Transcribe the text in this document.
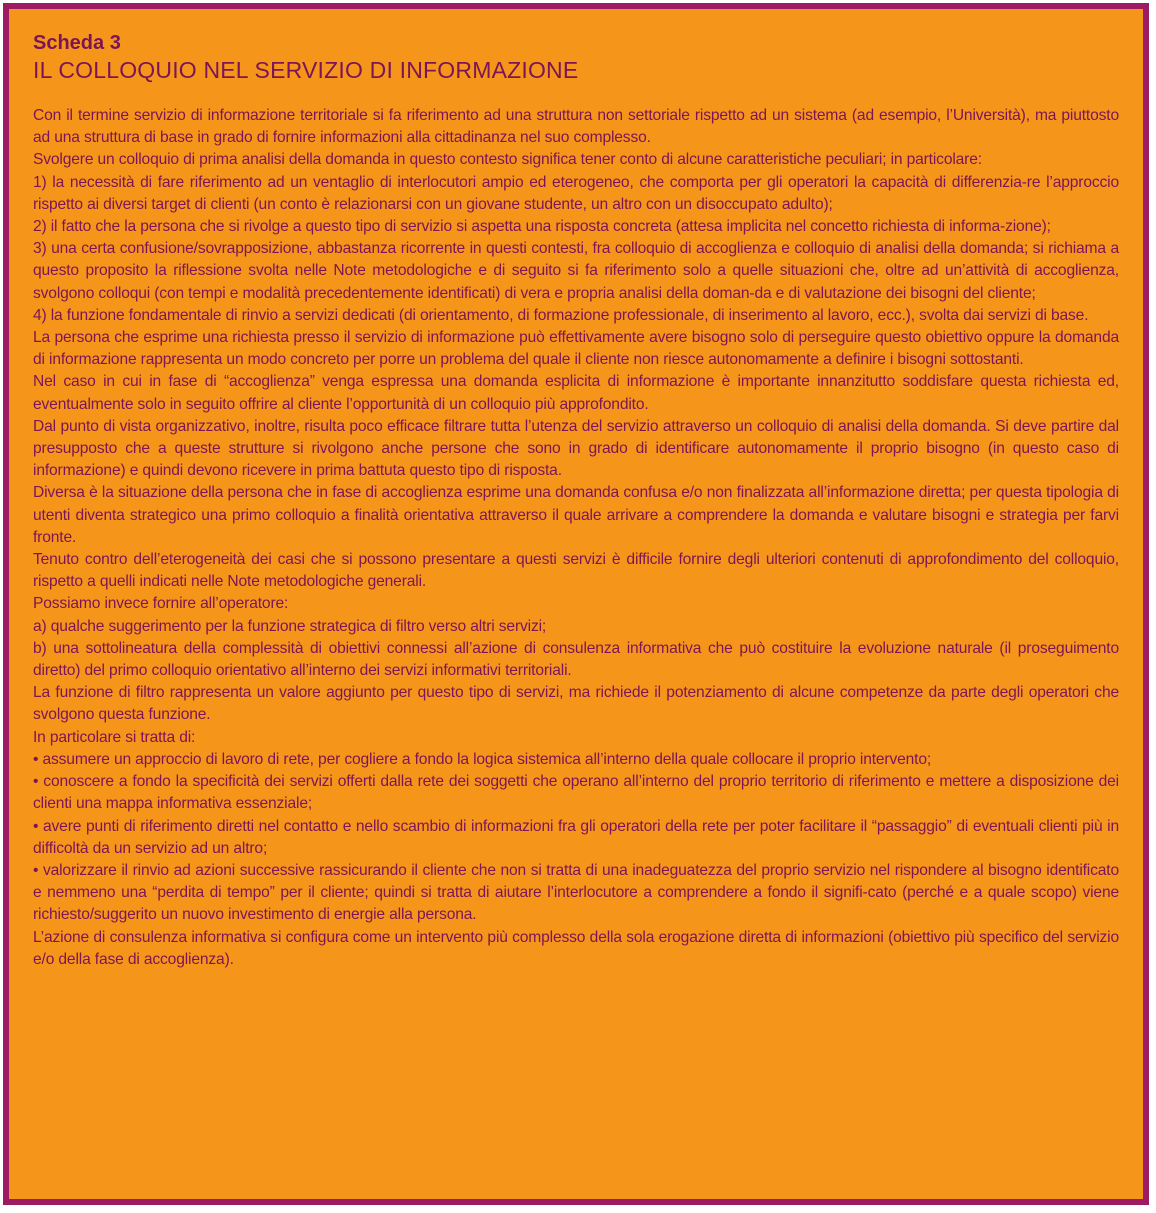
Scheda 3
IL COLLOQUIO NEL SERVIZIO DI INFORMAZIONE

Con il termine servizio di informazione territoriale si fa riferimento ad una struttura non settoriale rispetto ad un sistema (ad esempio, l’Università), ma piuttosto ad una struttura di base in grado di fornire informazioni alla cittadinanza nel suo complesso.

Svolgere un colloquio di prima analisi della domanda in questo contesto significa tener conto di alcune caratteristiche peculiari; in particolare:

1) la necessità di fare riferimento ad un ventaglio di interlocutori ampio ed eterogeneo, che comporta per gli operatori la capacità di differenzia-re l’approccio rispetto ai diversi target di clienti (un conto è relazionarsi con un giovane studente, un altro con un disoccupato adulto);

2) il fatto che la persona che si rivolge a questo tipo di servizio si aspetta una risposta concreta (attesa implicita nel concetto richiesta di informa-zione);

3) una certa confusione/sovrapposizione, abbastanza ricorrente in questi contesti, fra colloquio di accoglienza e colloquio di analisi della domanda; si richiama a questo proposito la riflessione svolta nelle Note metodologiche e di seguito si fa riferimento solo a quelle situazioni che, oltre ad un’attività di accoglienza, svolgono colloqui (con tempi e modalità precedentemente identificati) di vera e propria analisi della doman-da e di valutazione dei bisogni del cliente;

4) la funzione fondamentale di rinvio a servizi dedicati (di orientamento, di formazione professionale, di inserimento al lavoro, ecc.), svolta dai servizi di base.

La persona che esprime una richiesta presso il servizio di informazione può effettivamente avere bisogno solo di perseguire questo obiettivo oppure la domanda di informazione rappresenta un modo concreto per porre un problema del quale il cliente non riesce autonomamente a definire i bisogni sottostanti.

Nel caso in cui in fase di “accoglienza” venga espressa una domanda esplicita di informazione è importante innanzitutto soddisfare questa richiesta ed, eventualmente solo in seguito offrire al cliente l’opportunità di un colloquio più approfondito.

Dal punto di vista organizzativo, inoltre, risulta poco efficace filtrare tutta l’utenza del servizio attraverso un colloquio di analisi della domanda. Si deve partire dal presupposto che a queste strutture si rivolgono anche persone che sono in grado di identificare autonomamente il proprio bisogno (in questo caso di informazione) e quindi devono ricevere in prima battuta questo tipo di risposta.

Diversa è la situazione della persona che in fase di accoglienza esprime una domanda confusa e/o non finalizzata all’informazione diretta; per questa tipologia di utenti diventa strategico una primo colloquio a finalità orientativa attraverso il quale arrivare a comprendere la domanda e valutare bisogni e strategia per farvi fronte.

Tenuto contro dell’eterogeneità dei casi che si possono presentare a questi servizi è difficile fornire degli ulteriori contenuti di approfondimento del colloquio, rispetto a quelli indicati nelle Note metodologiche generali.

Possiamo invece fornire all’operatore:

a) qualche suggerimento per la funzione strategica di filtro verso altri servizi;

b) una sottolineatura della complessità di obiettivi connessi all’azione di consulenza informativa che può costituire la evoluzione naturale (il proseguimento diretto) del primo colloquio orientativo all’interno dei servizi informativi territoriali.

La funzione di filtro rappresenta un valore aggiunto per questo tipo di servizi, ma richiede il potenziamento di alcune competenze da parte degli operatori che svolgono questa funzione.

In particolare si tratta di:

• assumere un approccio di lavoro di rete, per cogliere a fondo la logica sistemica all’interno della quale collocare il proprio intervento;

• conoscere a fondo la specificità dei servizi offerti dalla rete dei soggetti che operano all’interno del proprio territorio di riferimento e mettere a disposizione dei clienti una mappa informativa essenziale;

• avere punti di riferimento diretti nel contatto e nello scambio di informazioni fra gli operatori della rete per poter facilitare il “passaggio” di eventuali clienti più in difficoltà da un servizio ad un altro;

• valorizzare il rinvio ad azioni successive rassicurando il cliente che non si tratta di una inadeguatezza del proprio servizio nel rispondere al bisogno identificato e nemmeno una “perdita di tempo” per il cliente; quindi si tratta di aiutare l’interlocutore a comprendere a fondo il signifi-cato (perché e a quale scopo) viene richiesto/suggerito un nuovo investimento di energie alla persona.

L’azione di consulenza informativa si configura come un intervento più complesso della sola erogazione diretta di informazioni (obiettivo più specifico del servizio e/o della fase di accoglienza).
